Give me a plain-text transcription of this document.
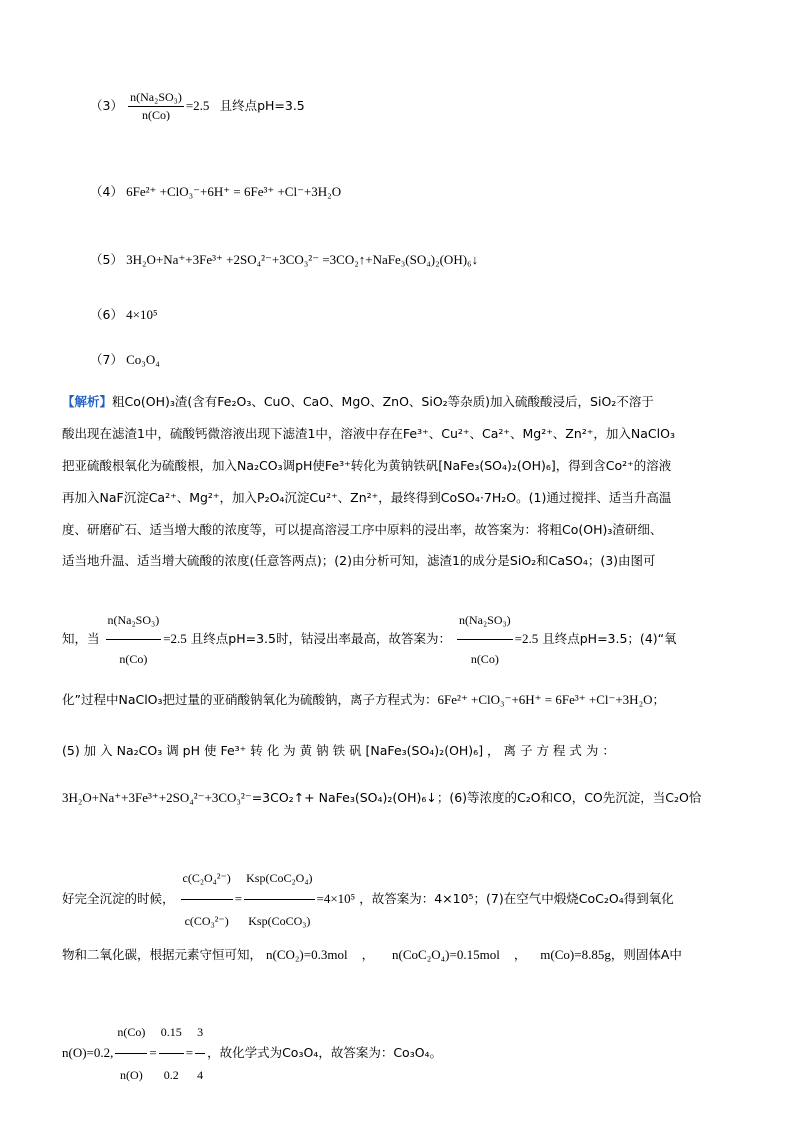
$(3) \frac{\text{n(Na₂SO₃)}}{n(Co)} =2.5$ 且终点pH=3.5
（4） 6Fe²⁺ +ClO₃⁻+6H⁺ = 6Fe³⁺ +Cl⁻+3H₂O
（5） 3H₂O+Na⁺+3Fe³⁺ +2SO₄²⁻+3CO₃²⁻ =3CO₂↑+NaFe₃(SO₄)₂(OH)₆↓
（6） 4×10⁵
（7） Co₃O₄
【解析】粗Co(OH)₃渣(含有Fe₂O₃、CuO、CaO、MgO、ZnO、SiO₂等杂质)加入硫酸酸浸后，SiO₂不溶于
酸出现在滤渣1中，硫酸钙微溶液出现下滤渣1中，溶液中存在Fe³⁺、Cu²⁺、Ca²⁺、Mg²⁺、Zn²⁺，加入NaClO₃
把亚硫酸根氧化为硫酸根，加入Na₂CO₃调pH使Fe³⁺转化为黄钠铁矾[NaFe₃(SO₄)₂(OH)₆]，得到含Co²⁺的溶液
再加入NaF沉淀Ca²⁺、Mg²⁺，加入P₂O₄沉淀Cu²⁺、Zn²⁺，最终得到CoSO₄·7H₂O。(1)通过搅拌、适当升高温
度、研磨矿石、适当增大酸的浓度等，可以提高溶浸工序中原料的浸出率，故答案为：将粗Co(OH)₃渣研细、
适当地升温、适当增大硫酸的浓度(任意答两点)；(2)由分析可知，滤渣1的成分是SiO₂和CaSO₄；(3)由图可
知，当 $\frac{\text{n(Na₂SO₃)}}{n(Co)} =2.5$ 且终点pH=3.5时，钴浸出率最高，故答案为： $\frac{\text{n(Na₂SO₃)}}{n(Co)} =2.5$ 且终点pH=3.5；(4)“氧
化”过程中NaClO₃把过量的亚硝酸钠氧化为硫酸钠，离子方程式为：6Fe²⁺ +ClO₃⁻+6H⁺ = 6Fe³⁺ +Cl⁻+3H₂O；
(5) 加 入 Na₂CO₃ 调 pH 使 Fe³⁺ 转 化 为 黄 钠 铁 矾 [NaFe₃(SO₄)₂(OH)₆] ， 离 子 方 程 式 为 ：
3H₂O+Na⁺+3Fe³⁺+2SO₄²⁻+3CO₃²⁻=3CO₂↑+ NaFe₃(SO₄)₂(OH)₆↓；(6)等浓度的C₂O和CO，CO先沉淀，当C₂O恰
好完全沉淀的时候， $\frac{\text{c(C₂O₄²⁻)}}{\text{c(CO₃²⁻)}} = \frac{\text{Ksp(CoC₂O₄)}}{\text{Ksp(CoCO₃)}} =4\times 10^5$ ，故答案为：4×10⁵；(7)在空气中煅烧CoC₂O₄得到氧化
物和二氧化碳，根据元素守恒可知， n(CO₂)=0.3mol ， n(CoC₂O₄)=0.15mol ， m(Co)=8.85g，则固体A中
n(O)=0.2, $\frac{n(Co)}{n(O)} = \frac{0.15}{0.2} = \frac{3}{4}$ ，故化学式为Co₃O₄，故答案为：Co₃O₄。
